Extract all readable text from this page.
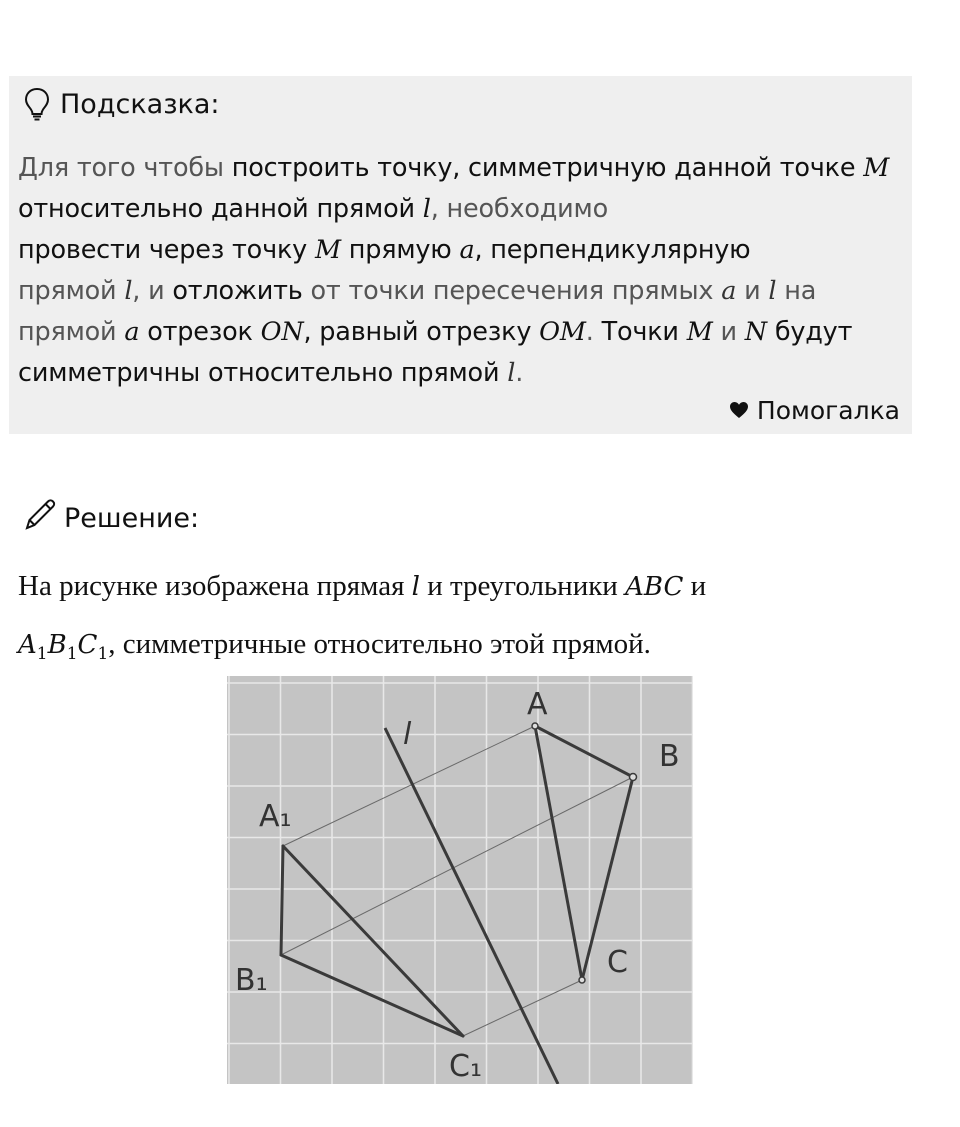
Подсказка:
Для того чтобы построить точку, симметричную данной точке M относительно данной прямой l, необходимо
провести через точку M прямую a, перпендикулярную
прямой l, и отложить от точки пересечения прямых a и l на прямой a отрезок ON, равный отрезку OM. Точки M и N будут симметричны относительно прямой l.
Помогалка
Решение:
На рисунке изображена прямая l и треугольники ABC и
$A_1B_1C_1$, симметричные относительно этой прямой.
l
A
B
C
A₁
B₁
C₁
